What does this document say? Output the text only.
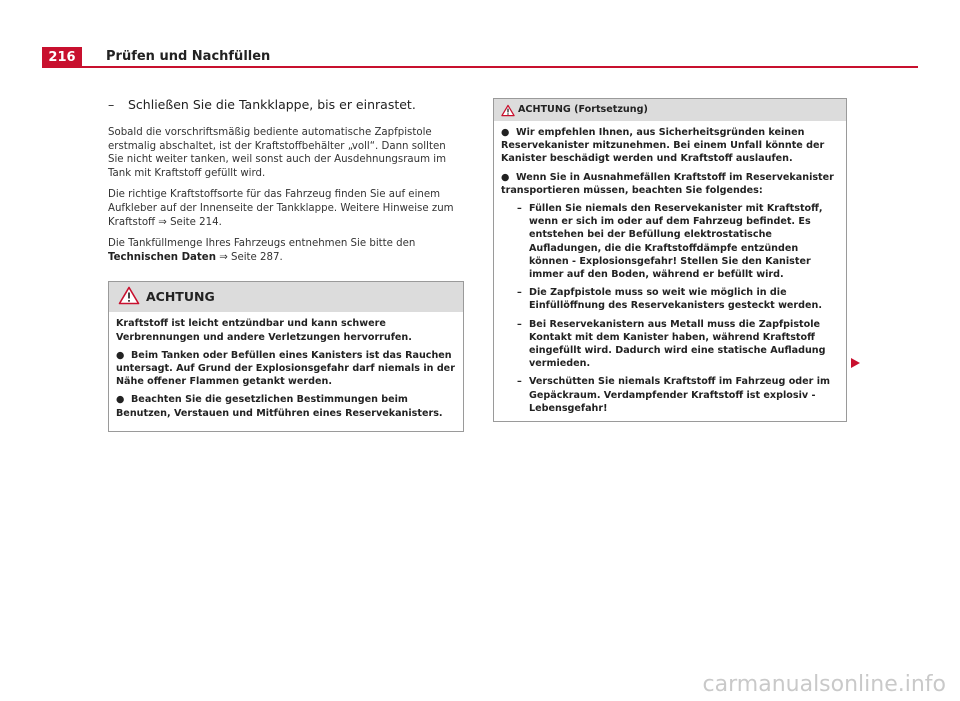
216	Prüfen und Nachfüllen

– Schließen Sie die Tankklappe, bis er einrastet.

Sobald die vorschriftsmäßig bediente automatische Zapfpistole erstmalig abschaltet, ist der Kraftstoffbehälter „voll“. Dann sollten Sie nicht weiter tanken, weil sonst auch der Ausdehnungsraum im Tank mit Kraftstoff gefüllt wird.

Die richtige Kraftstoffsorte für das Fahrzeug finden Sie auf einem Aufkleber auf der Innenseite der Tankklappe. Weitere Hinweise zum Kraftstoff ⇒ Seite 214.

Die Tankfüllmenge Ihres Fahrzeugs entnehmen Sie bitte den Technischen Daten ⇒ Seite 287.

ACHTUNG

Kraftstoff ist leicht entzündbar und kann schwere Verbrennungen und andere Verletzungen hervorrufen.

● Beim Tanken oder Befüllen eines Kanisters ist das Rauchen untersagt. Auf Grund der Explosionsgefahr darf niemals in der Nähe offener Flammen getankt werden.

● Beachten Sie die gesetzlichen Bestimmungen beim Benutzen, Verstauen und Mitführen eines Reservekanisters.

ACHTUNG (Fortsetzung)

● Wir empfehlen Ihnen, aus Sicherheitsgründen keinen Reservekanister mitzunehmen. Bei einem Unfall könnte der Kanister beschädigt werden und Kraftstoff auslaufen.

● Wenn Sie in Ausnahmefällen Kraftstoff im Reservekanister transportieren müssen, beachten Sie folgendes:

– Füllen Sie niemals den Reservekanister mit Kraftstoff, wenn er sich im oder auf dem Fahrzeug befindet. Es entstehen bei der Befüllung elektrostatische Aufladungen, die die Kraftstoffdämpfe entzünden können - Explosionsgefahr! Stellen Sie den Kanister immer auf den Boden, während er befüllt wird.

– Die Zapfpistole muss so weit wie möglich in die Einfüllöffnung des Reservekanisters gesteckt werden.

– Bei Reservekanistern aus Metall muss die Zapfpistole Kontakt mit dem Kanister haben, während Kraftstoff eingefüllt wird. Dadurch wird eine statische Aufladung vermieden.

– Verschütten Sie niemals Kraftstoff im Fahrzeug oder im Gepäckraum. Verdampfender Kraftstoff ist explosiv - Lebensgefahr!

carmanualsonline.info
